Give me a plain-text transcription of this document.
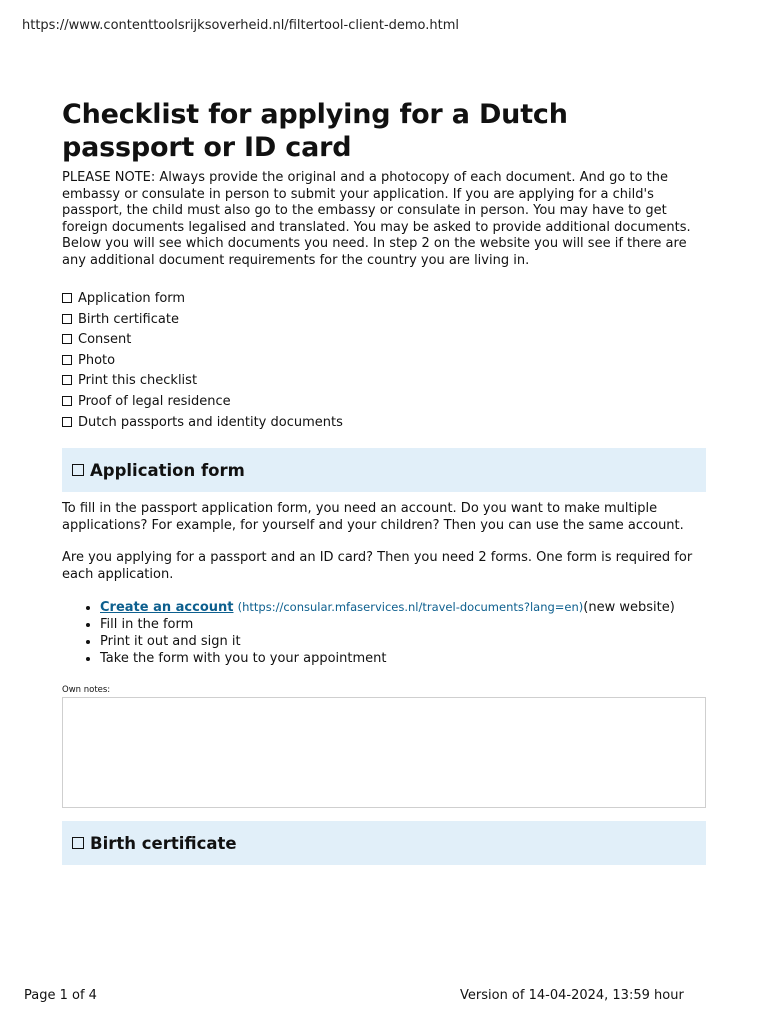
https://www.contenttoolsrijksoverheid.nl/filtertool-client-demo.html
Checklist for applying for a Dutch passport or ID card

PLEASE NOTE: Always provide the original and a photocopy of each document. And go to the embassy or consulate in person to submit your application. If you are applying for a child's passport, the child must also go to the embassy or consulate in person. You may have to get foreign documents legalised and translated. You may be asked to provide additional documents. Below you will see which documents you need. In step 2 on the website you will see if there are any additional document requirements for the country you are living in.

Application form
Birth certificate
Consent
Photo
Print this checklist
Proof of legal residence
Dutch passports and identity documents
Application form

To fill in the passport application form, you need an account. Do you want to make multiple applications? For example, for yourself and your children? Then you can use the same account.

Are you applying for a passport and an ID card? Then you need 2 forms. One form is required for each application.

• Create an account (https://consular.mfaservices.nl/travel-documents?lang=en)(new website)
• Fill in the form
• Print it out and sign it
• Take the form with you to your appointment
Own notes:
Birth certificate
Page 1 of 4	Version of 14-04-2024, 13:59 hour
